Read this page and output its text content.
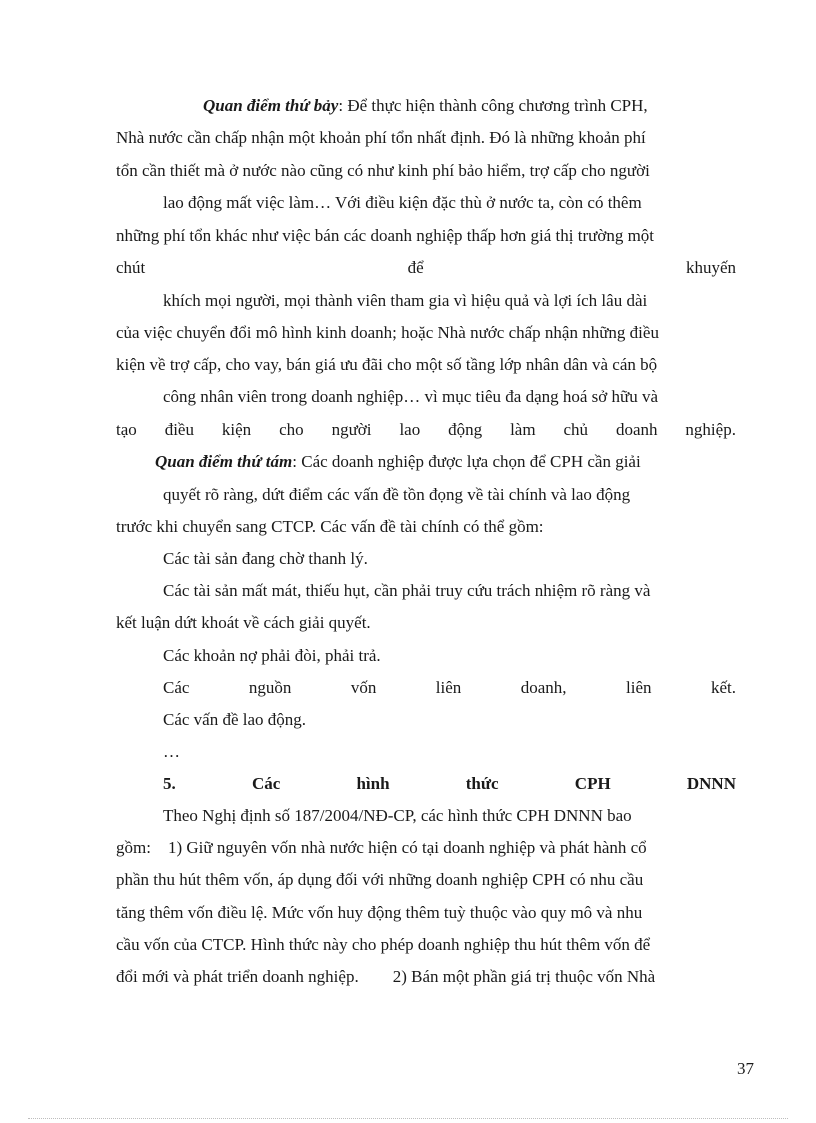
Quan điểm thứ bảy: Để thực hiện thành công chương trình CPH,
Nhà nước cần chấp nhận một khoản phí tổn nhất định. Đó là những khoản phí
tổn cần thiết mà ở nước nào cũng có như kinh phí bảo hiểm, trợ cấp cho người
lao động mất việc làm… Với điều kiện đặc thù ở nước ta, còn có thêm
những phí tổn khác như việc bán các doanh nghiệp thấp hơn giá thị trường một
chút	để	khuyến
khích mọi người, mọi thành viên tham gia vì hiệu quả và lợi ích lâu dài
của việc chuyển đổi mô hình kinh doanh; hoặc Nhà nước chấp nhận những điều
kiện về trợ cấp, cho vay, bán giá ưu đãi cho một số tầng lớp nhân dân và cán bộ
công nhân viên trong doanh nghiệp… vì mục tiêu đa dạng hoá sở hữu và
tạo điều kiện cho người lao động làm chủ doanh nghiệp.
Quan điểm thứ tám: Các doanh nghiệp được lựa chọn để CPH cần giải
quyết rõ ràng, dứt điểm các vấn đề tồn đọng về tài chính và lao động
trước khi chuyển sang CTCP. Các vấn đề tài chính có thể gồm:
Các tài sản đang chờ thanh lý.
Các tài sản mất mát, thiếu hụt, cần phải truy cứu trách nhiệm rõ ràng và
kết luận dứt khoát về cách giải quyết.
Các khoản nợ phải đòi, phải trả.
Các	nguồn	vốn	liên	doanh,	liên	kết.
Các vấn đề lao động.
…
5.	Các	hình	thức	CPH	DNNN
Theo Nghị định số 187/2004/NĐ-CP, các hình thức CPH DNNN bao
gồm:    1) Giữ nguyên vốn nhà nước hiện có tại doanh nghiệp và phát hành cổ
phần thu hút thêm vốn, áp dụng đối với những doanh nghiệp CPH có nhu cầu
tăng thêm vốn điều lệ. Mức vốn huy động thêm tuỳ thuộc vào quy mô và nhu
cầu vốn của CTCP. Hình thức này cho phép doanh nghiệp thu hút thêm vốn để
đổi mới và phát triển doanh nghiệp.        2) Bán một phần giá trị thuộc vốn Nhà
37
